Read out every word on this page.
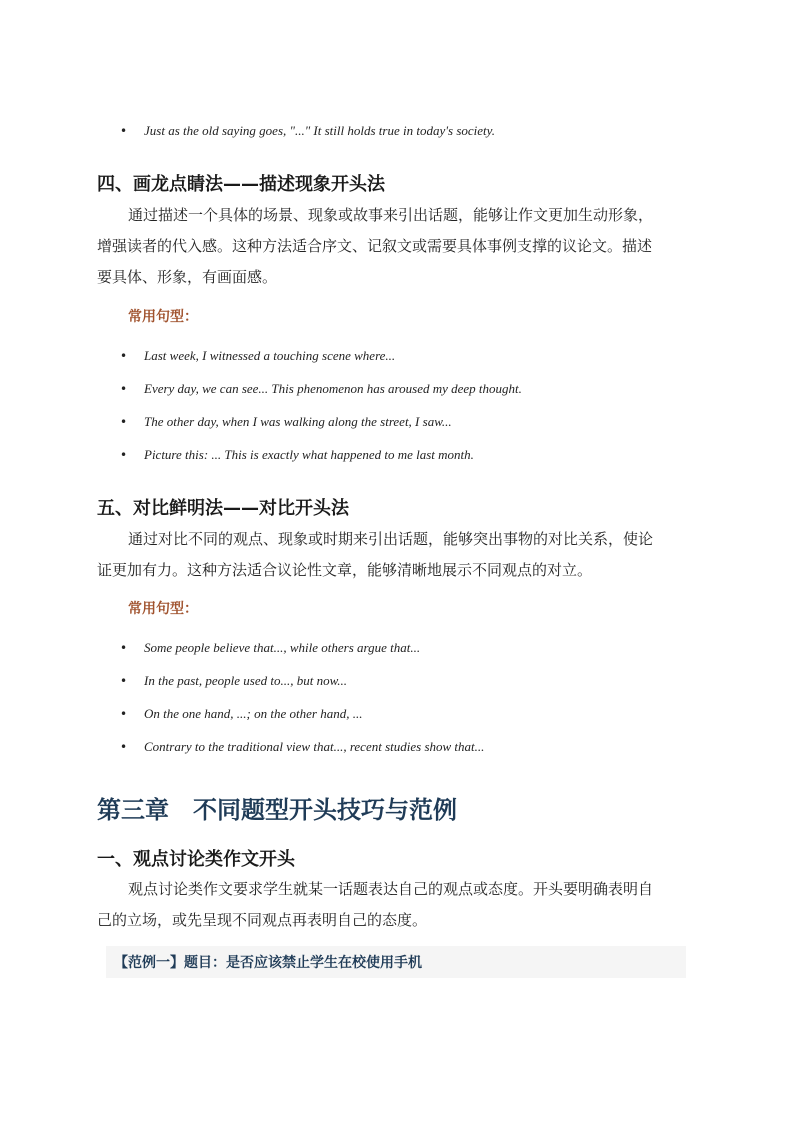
• Just as the old saying goes, "..." It still holds true in today's society.
四、画龙点睛法——描述现象开头法

通过描述一个具体的场景、现象或故事来引出话题，能够让作文更加生动形象，
增强读者的代入感。这种方法适合序文、记叙文或需要具体事例支撑的议论文。描述
要具体、形象，有画面感。

常用句型：

• Last week, I witnessed a touching scene where...
• Every day, we can see... This phenomenon has aroused my deep thought.
• The other day, when I was walking along the street, I saw...
• Picture this: ... This is exactly what happened to me last month.
五、对比鲜明法——对比开头法

通过对比不同的观点、现象或时期来引出话题，能够突出事物的对比关系，使论
证更加有力。这种方法适合议论性文章，能够清晰地展示不同观点的对立。

常用句型：

• Some people believe that..., while others argue that...
• In the past, people used to..., but now...
• On the one hand, ...; on the other hand, ...
• Contrary to the traditional view that..., recent studies show that...
第三章　不同题型开头技巧与范例
一、观点讨论类作文开头

观点讨论类作文要求学生就某一话题表达自己的观点或态度。开头要明确表明自
己的立场，或先呈现不同观点再表明自己的态度。

【范例一】题目：是否应该禁止学生在校使用手机
